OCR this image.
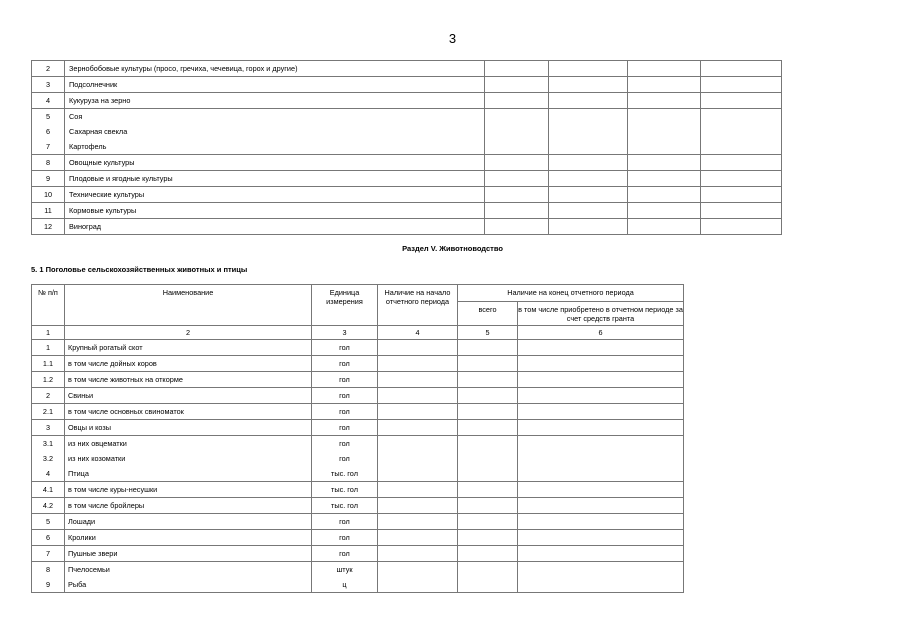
3
2	Зернобобовые культуры (просо, гречиха, чечевица, горох и другие)				
3	Подсолнечник				
4	Кукуруза на зерно				
5	Соя				
6	Сахарная свекла				
7	Картофель				
8	Овощные культуры				
9	Плодовые и ягодные культуры				
10	Технические культуры				
11	Кормовые культуры				
12	Виноград				
Раздел V. Животноводство
5. 1 Поголовье сельскохозяйственных животных и птицы
№ п/п	Наименование	Единица измерения	Наличие на начало отчетного периода	Наличие на конец отчетного периода	
				всего	в том числе приобретено в отчетном периоде за счет средств гранта
1	2	3	4	5	6
1	Крупный рогатый скот	гол			
1.1	в том числе дойных коров	гол			
1.2	в том числе животных на откорме	гол			
2	Свиньи	гол			
2.1	в том числе основных свиноматок	гол			
3	Овцы и козы	гол			
3.1	из них овцематки	гол			
3.2	из них козоматки	гол			
4	Птица	тыс. гол			
4.1	в том числе куры-несушки	тыс. гол			
4.2	в том числе бройлеры	тыс. гол			
5	Лошади	гол			
6	Кролики	гол			
7	Пушные звери	гол			
8	Пчелосемьи	штук			
9	Рыба	ц			
